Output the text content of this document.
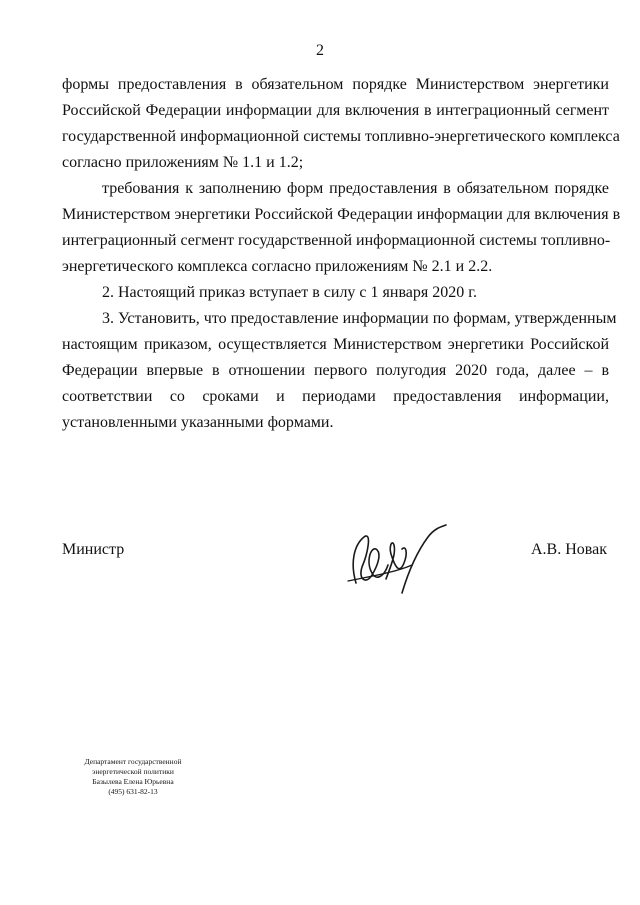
2
формы предоставления в обязательном порядке Министерством энергетики
Российской Федерации информации для включения в интеграционный сегмент
государственной информационной системы топливно-энергетического комплекса
согласно приложениям № 1.1 и 1.2;
требования к заполнению форм предоставления в обязательном порядке
Министерством энергетики Российской Федерации информации для включения в
интеграционный сегмент государственной информационной системы топливно-
энергетического комплекса согласно приложениям № 2.1 и 2.2.
2. Настоящий приказ вступает в силу с 1 января 2020 г.
3. Установить, что предоставление информации по формам, утвержденным
настоящим приказом, осуществляется Министерством энергетики Российской
Федерации впервые в отношении первого полугодия 2020 года, далее – в
соответствии со сроками и периодами предоставления информации,
установленными указанными формами.
Министр	А.В. Новак
Департамент государственной
энергетической политики
Базылева Елена Юрьевна
(495) 631-82-13
